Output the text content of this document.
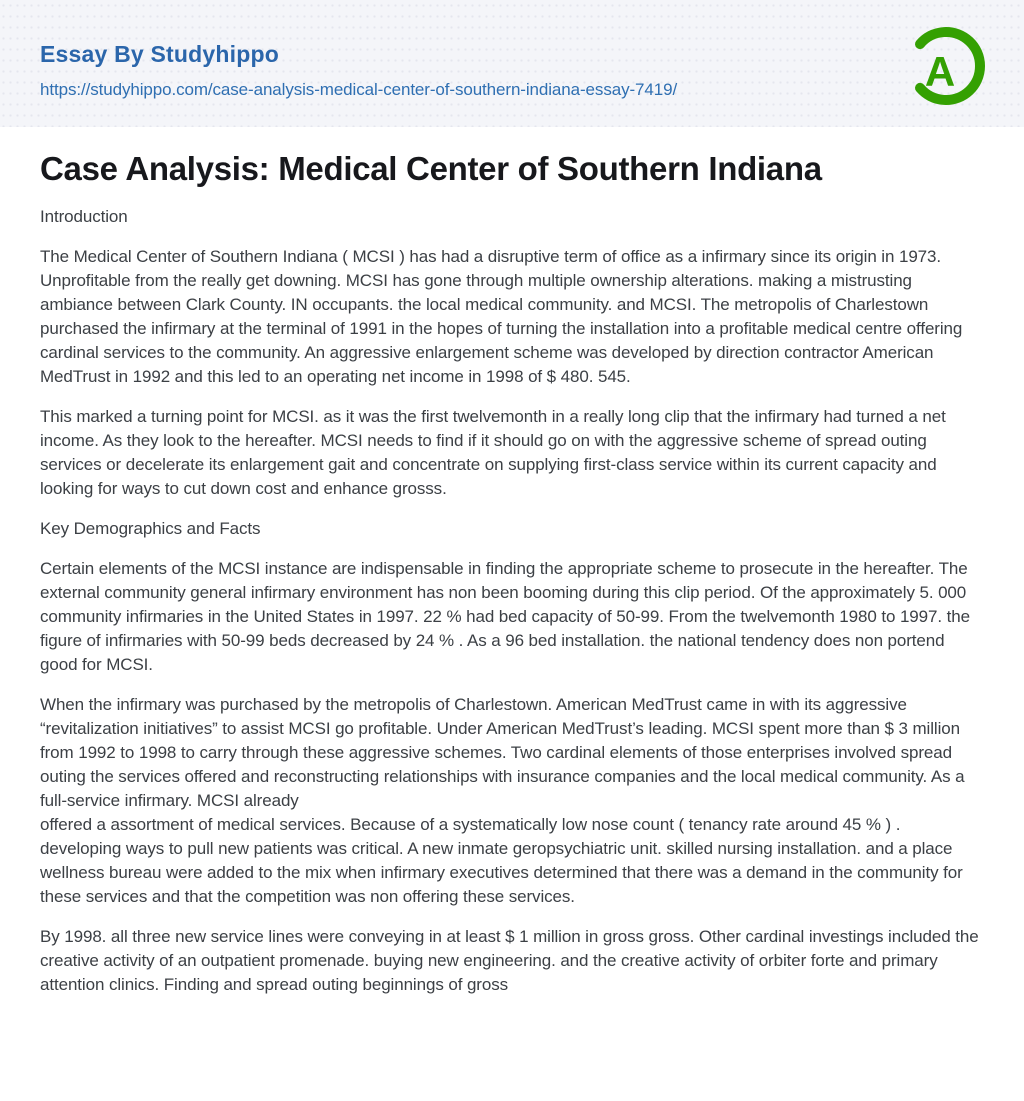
Essay By Studyhippo
https://studyhippo.com/case-analysis-medical-center-of-southern-indiana-essay-7419/	A
Case Analysis: Medical Center of Southern Indiana

Introduction

The Medical Center of Southern Indiana ( MCSI ) has had a disruptive term of office as a infirmary since its origin in 1973. Unprofitable from the really get downing. MCSI has gone through multiple ownership alterations. making a mistrusting ambiance between Clark County. IN occupants. the local medical community. and MCSI. The metropolis of Charlestown purchased the infirmary at the terminal of 1991 in the hopes of turning the installation into a profitable medical centre offering cardinal services to the community. An aggressive enlargement scheme was developed by direction contractor American MedTrust in 1992 and this led to an operating net income in 1998 of $ 480. 545.

This marked a turning point for MCSI. as it was the first twelvemonth in a really long clip that the infirmary had turned a net income. As they look to the hereafter. MCSI needs to find if it should go on with the aggressive scheme of spread outing services or decelerate its enlargement gait and concentrate on supplying first-class service within its current capacity and looking for ways to cut down cost and enhance grosss.

Key Demographics and Facts

Certain elements of the MCSI instance are indispensable in finding the appropriate scheme to prosecute in the hereafter. The external community general infirmary environment has non been booming during this clip period. Of the approximately 5. 000 community infirmaries in the United States in 1997. 22 % had bed capacity of 50-99. From the twelvemonth 1980 to 1997. the figure of infirmaries with 50-99 beds decreased by 24 % . As a 96 bed installation. the national tendency does non portend good for MCSI.

When the infirmary was purchased by the metropolis of Charlestown. American MedTrust came in with its aggressive “revitalization initiatives” to assist MCSI go profitable. Under American MedTrust’s leading. MCSI spent more than $ 3 million from 1992 to 1998 to carry through these aggressive schemes. Two cardinal elements of those enterprises involved spread outing the services offered and reconstructing relationships with insurance companies and the local medical community. As a full-service infirmary. MCSI already
offered a assortment of medical services. Because of a systematically low nose count ( tenancy rate around 45 % ) . developing ways to pull new patients was critical. A new inmate geropsychiatric unit. skilled nursing installation. and a place wellness bureau were added to the mix when infirmary executives determined that there was a demand in the community for these services and that the competition was non offering these services.

By 1998. all three new service lines were conveying in at least $ 1 million in gross gross. Other cardinal investings included the creative activity of an outpatient promenade. buying new engineering. and the creative activity of orbiter forte and primary attention clinics. Finding and spread outing beginnings of gross
